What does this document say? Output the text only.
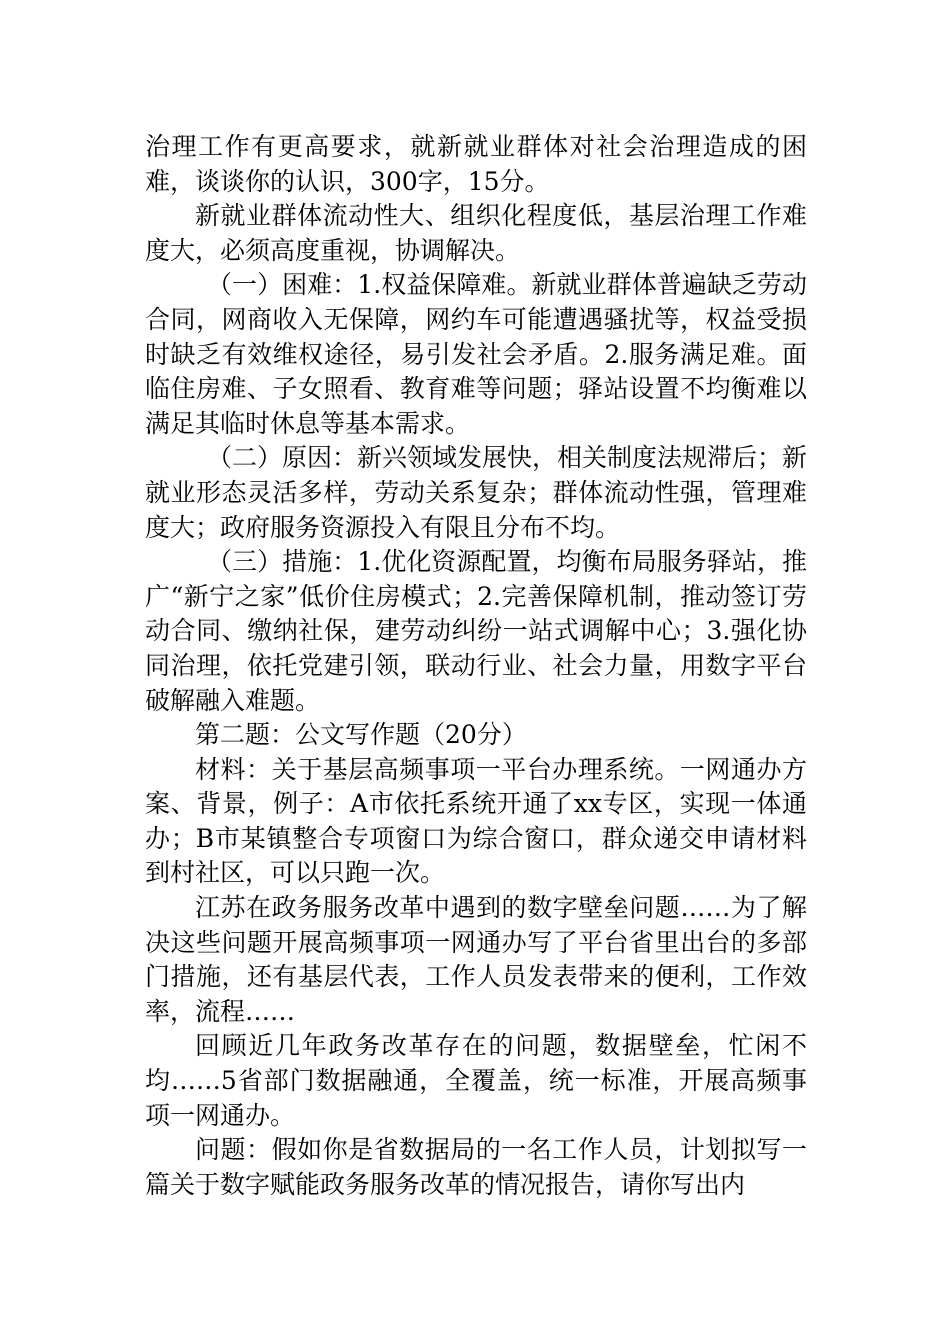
治理工作有更高要求，就新就业群体对社会治理造成的困难，谈谈你的认识，300字，15分。

新就业群体流动性大、组织化程度低，基层治理工作难度大，必须高度重视，协调解决。

（一）困难：1.权益保障难。新就业群体普遍缺乏劳动合同，网商收入无保障，网约车可能遭遇骚扰等，权益受损时缺乏有效维权途径，易引发社会矛盾。2.服务满足难。面临住房难、子女照看、教育难等问题；驿站设置不均衡难以满足其临时休息等基本需求。

（二）原因：新兴领域发展快，相关制度法规滞后；新就业形态灵活多样，劳动关系复杂；群体流动性强，管理难度大；政府服务资源投入有限且分布不均。

（三）措施：1.优化资源配置，均衡布局服务驿站，推广“新宁之家”低价住房模式；2.完善保障机制，推动签订劳动合同、缴纳社保，建劳动纠纷一站式调解中心；3.强化协同治理，依托党建引领，联动行业、社会力量，用数字平台破解融入难题。

第二题：公文写作题（20分）

材料：关于基层高频事项一平台办理系统。一网通办方案、背景，例子：A市依托系统开通了xx专区，实现一体通办；B市某镇整合专项窗口为综合窗口，群众递交申请材料到村社区，可以只跑一次。

江苏在政务服务改革中遇到的数字壁垒问题……为了解决这些问题开展高频事项一网通办写了平台省里出台的多部门措施，还有基层代表，工作人员发表带来的便利，工作效率，流程……

回顾近几年政务改革存在的问题，数据壁垒，忙闲不均……5省部门数据融通，全覆盖，统一标准，开展高频事项一网通办。

问题：假如你是省数据局的一名工作人员，计划拟写一篇关于数字赋能政务服务改革的情况报告，请你写出内
